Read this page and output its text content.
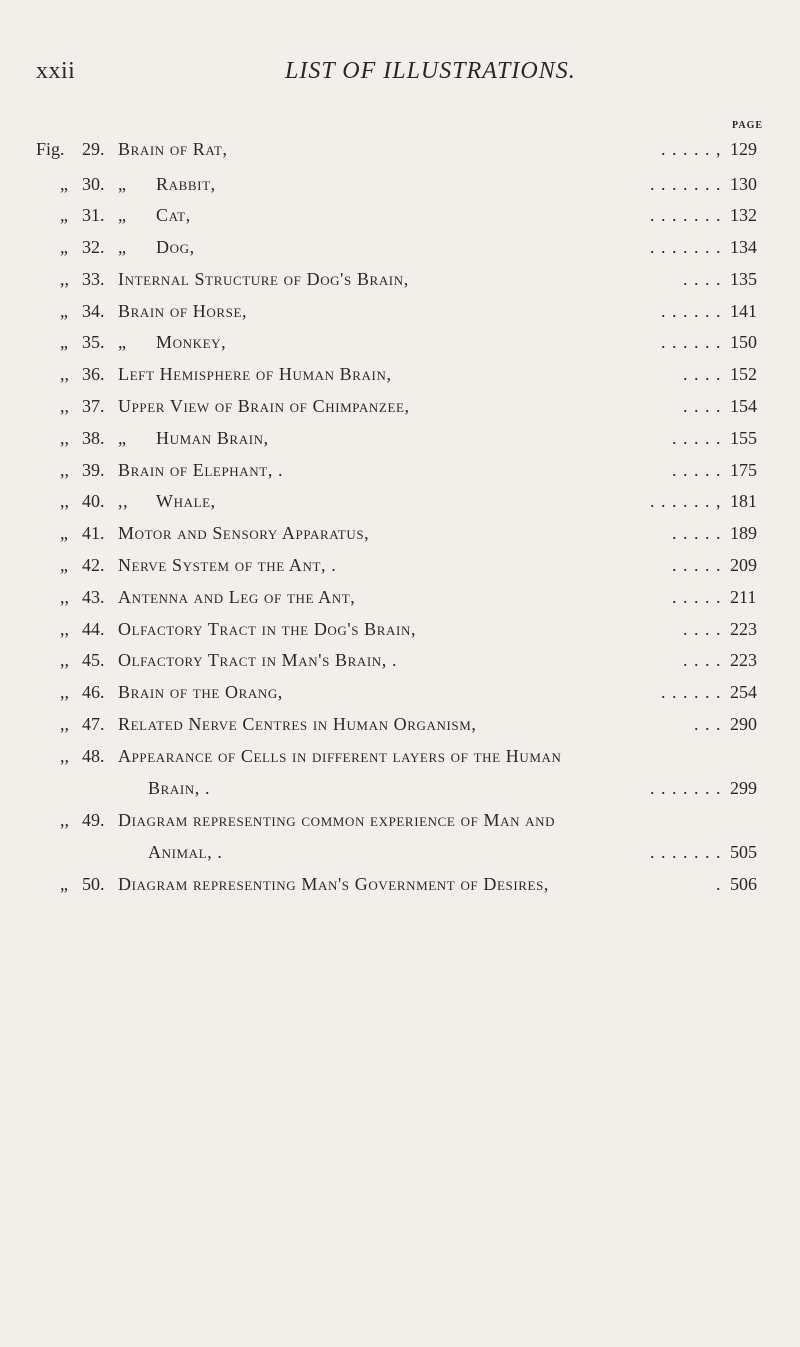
xxii	LIST OF ILLUSTRATIONS.
PAGE
Fig. 29. Brain of Rat,	. . . . . , 129
„ 30. „ Rabbit,	. . . . . . . 130
„ 31. „ Cat,	. . . . . . . 132
„ 32. „ Dog,	. . . . . . . 134
,, 33. Internal Structure of Dog's Brain,	. . . . 135
„ 34. Brain of Horse,	. . . . . . 141
„ 35. „ Monkey,	. . . . . . 150
,, 36. Left Hemisphere of Human Brain,	. . . . 152
,, 37. Upper View of Brain of Chimpanzee,	. . . . 154
,, 38. „ Human Brain,	. . . . . 155
,, 39. Brain of Elephant, .	. . . . . 175
,, 40. ,, Whale,	. . . . . . , 181
„ 41. Motor and Sensory Apparatus,	. . . . . 189
„ 42. Nerve System of the Ant, .	. . . . . 209
,, 43. Antenna and Leg of the Ant,	. . . . . 211
,, 44. Olfactory Tract in the Dog's Brain,	. . . . 223
,, 45. Olfactory Tract in Man's Brain, .	. . . . 223
,, 46. Brain of the Orang,	. . . . . . 254
,, 47. Related Nerve Centres in Human Organism,	. . . 290
,, 48. Appearance of Cells in different layers of the Human
Brain, .	. . . . . . . 299
,, 49. Diagram representing common experience of Man and
Animal, .	. . . . . . . 505
„ 50. Diagram representing Man's Government of Desires,	. 506
